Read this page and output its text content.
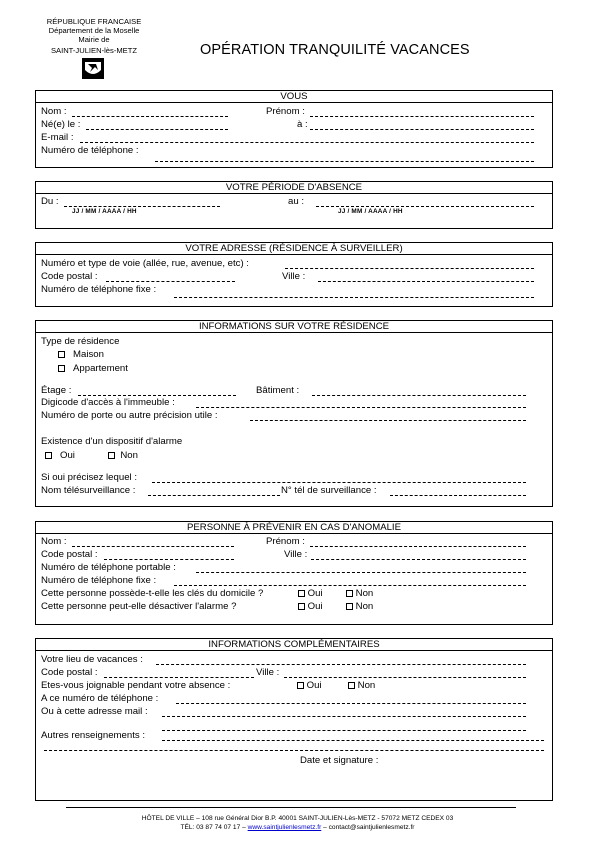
RÉPUBLIQUE FRANCAISE
Département de la Moselle
Mairie de
SAINT-JULIEN-lès-METZ	OPÉRATION TRANQUILITÉ VACANCES
VOUS
Nom :	Prénom :
Né(e) le :	à :
E-mail :
Numéro de téléphone :
VOTRE PÉRIODE D'ABSENCE
Du :
JJ / MM / AAAA / HH
au :
JJ / MM / AAAA / HH
VOTRE ADRESSE (RÉSIDENCE À SURVEILLER)
Numéro et type de voie (allée, rue, avenue, etc) :
Code postal :	Ville :
Numéro de téléphone fixe :
INFORMATIONS SUR VOTRE RÉSIDENCE
Type de résidence
Maison
Appartement
Étage :	Bâtiment :
Digicode d'accès à l'immeuble :
Numéro de porte ou autre précision utile :
Existence d'un dispositif d'alarme
Oui	Non
Si oui précisez lequel :
Nom télésurveillance :	N° tél de surveillance :
PERSONNE À PRÉVENIR EN CAS D'ANOMALIE
Nom :	Prénom :
Code postal :	Ville :
Numéro de téléphone portable :
Numéro de téléphone fixe :
Cette personne possède-t-elle les clés du domicile ?	Oui	Non
Cette personne peut-elle désactiver l'alarme ?	Oui	Non
INFORMATIONS COMPLÉMENTAIRES
Votre lieu de vacances :
Code postal :	Ville :
Etes-vous joignable pendant votre absence :	Oui	Non
A ce numéro de téléphone :
Ou à cette adresse mail :
Autres renseignements :
Date et signature :
HÔTEL DE VILLE – 108 rue Général Dior B.P. 40001 SAINT-JULIEN-Lès-METZ - 57072 METZ CEDEX 03
TÉL: 03 87 74 07 17 – www.saintjulienlesmetz.fr – contact@saintjulienlesmetz.fr
